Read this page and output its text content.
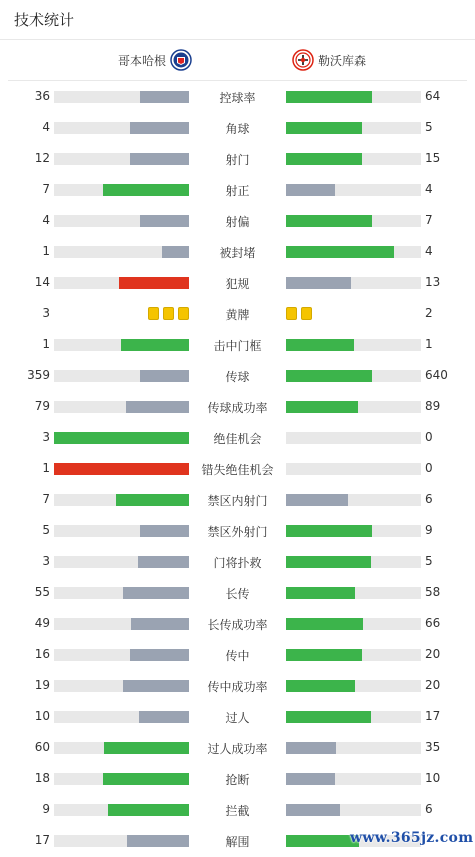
技术统计
哥本哈根	勒沃库森
36	控球率	64
4	角球	5
12	射门	15
7	射正	4
4	射偏	7
1	被封堵	4
14	犯规	13
3	黄牌	2
1	击中门框	1
359	传球	640
79	传球成功率	89
3	绝佳机会	0
1	错失绝佳机会	0
7	禁区内射门	6
5	禁区外射门	9
3	门将扑救	5
55	长传	58
49	长传成功率	66
16	传中	20
19	传中成功率	20
10	过人	17
60	过人成功率	35
18	抢断	10
9	拦截	6
17	解围	www.365jz.com
